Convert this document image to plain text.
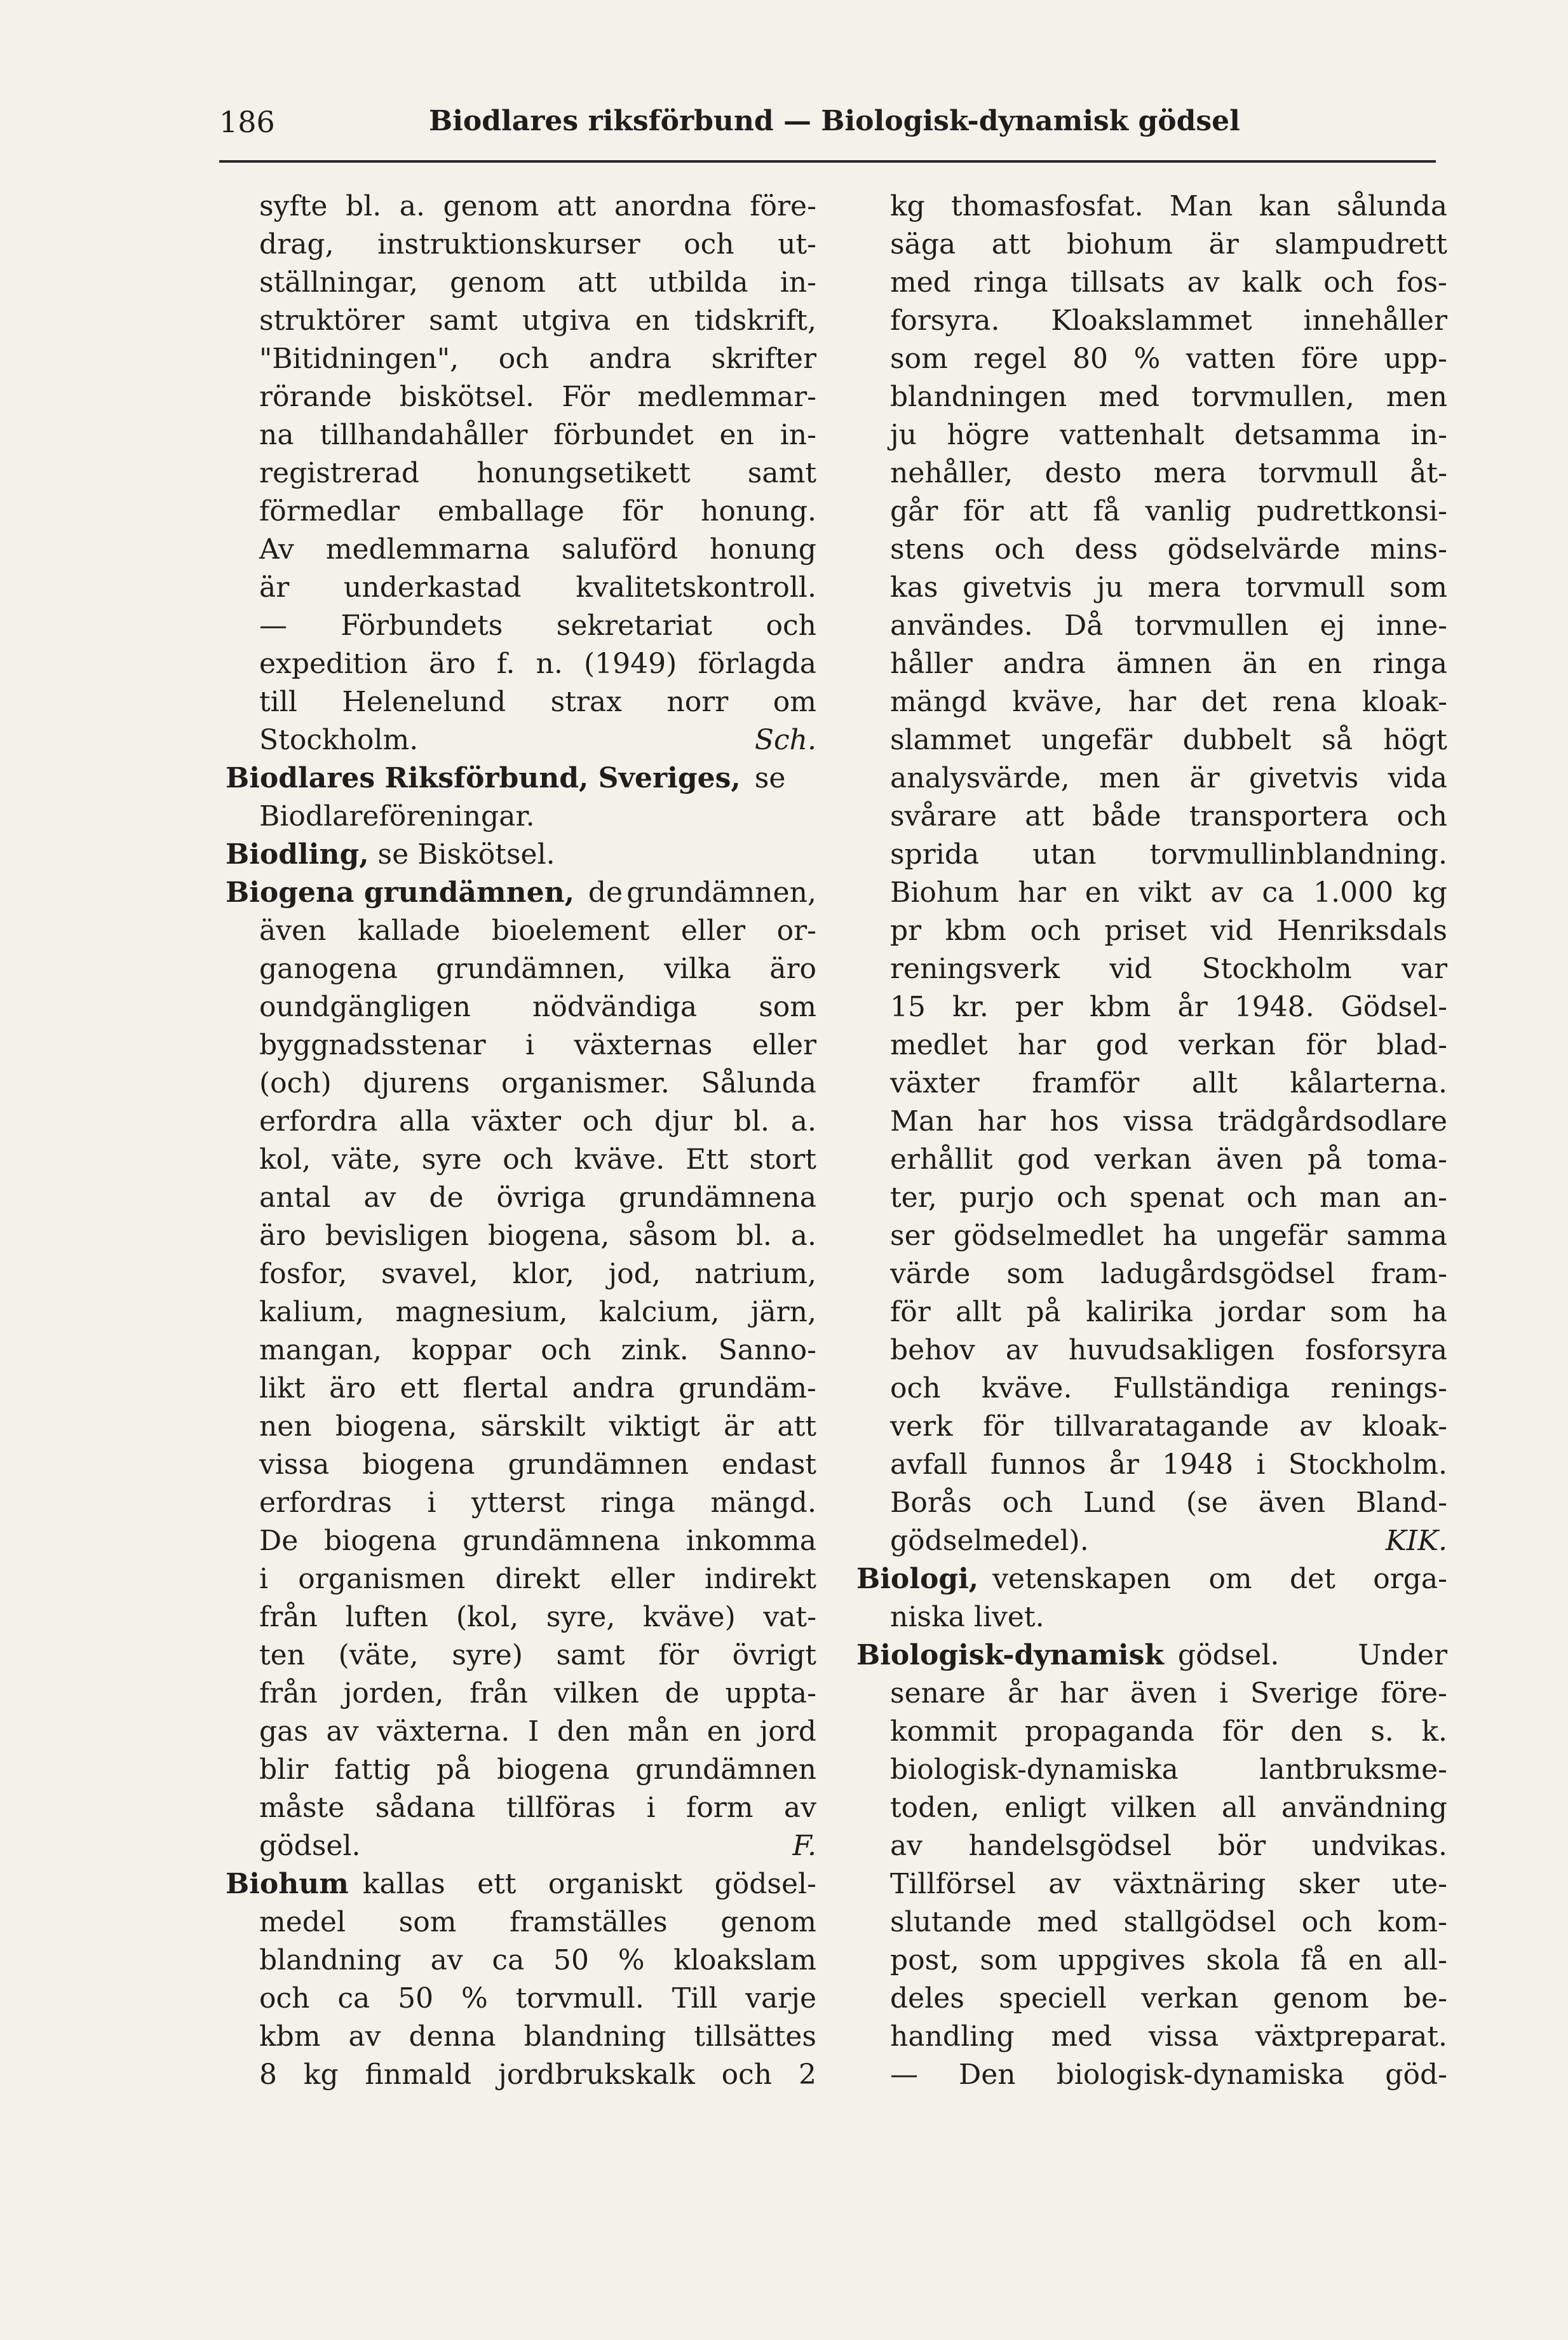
186	Biodlares riksförbund — Biologisk-dynamisk gödsel
syfte bl. a. genom att anordna före-
drag, instruktionskurser och ut-
ställningar, genom att utbilda in-
struktörer samt utgiva en tidskrift,
"Bitidningen", och andra skrifter
rörande biskötsel. För medlemmar-
na tillhandahåller förbundet en in-
registrerad honungsetikett samt
förmedlar emballage för honung.
Av medlemmarna saluförd honung
är underkastad kvalitetskontroll.
— Förbundets sekretariat och
expedition äro f. n. (1949) förlagda
till Helenelund strax norr om
Stockholm.	Sch.
Biodlares Riksförbund, Sveriges, se
Biodlareföreningar.
Biodling, se Biskötsel.
Biogena grundämnen, de grundämnen,
även kallade bioelement eller or-
ganogena grundämnen, vilka äro
oundgängligen nödvändiga som
byggnadsstenar i växternas eller
(och) djurens organismer. Sålunda
erfordra alla växter och djur bl. a.
kol, väte, syre och kväve. Ett stort
antal av de övriga grundämnena
äro bevisligen biogena, såsom bl. a.
fosfor, svavel, klor, jod, natrium,
kalium, magnesium, kalcium, järn,
mangan, koppar och zink. Sanno-
likt äro ett flertal andra grundäm-
nen biogena, särskilt viktigt är att
vissa biogena grundämnen endast
erfordras i ytterst ringa mängd.
De biogena grundämnena inkomma
i organismen direkt eller indirekt
från luften (kol, syre, kväve) vat-
ten (väte, syre) samt för övrigt
från jorden, från vilken de uppta-
gas av växterna. I den mån en jord
blir fattig på biogena grundämnen
måste sådana tillföras i form av
gödsel.	F.
Biohum kallas ett organiskt gödsel-
medel som framställes genom
blandning av ca 50 % kloakslam
och ca 50 % torvmull. Till varje
kbm av denna blandning tillsättes
8 kg finmald jordbrukskalk och 2
kg thomasfosfat. Man kan sålunda
säga att biohum är slampudrett
med ringa tillsats av kalk och fos-
forsyra. Kloakslammet innehåller
som regel 80 % vatten före upp-
blandningen med torvmullen, men
ju högre vattenhalt detsamma in-
nehåller, desto mera torvmull åt-
går för att få vanlig pudrettkonsi-
stens och dess gödselvärde mins-
kas givetvis ju mera torvmull som
användes. Då torvmullen ej inne-
håller andra ämnen än en ringa
mängd kväve, har det rena kloak-
slammet ungefär dubbelt så högt
analysvärde, men är givetvis vida
svårare att både transportera och
sprida utan torvmullinblandning.
Biohum har en vikt av ca 1.000 kg
pr kbm och priset vid Henriksdals
reningsverk vid Stockholm var
15 kr. per kbm år 1948. Gödsel-
medlet har god verkan för blad-
växter framför allt kålarterna.
Man har hos vissa trädgårdsodlare
erhållit god verkan även på toma-
ter, purjo och spenat och man an-
ser gödselmedlet ha ungefär samma
värde som ladugårdsgödsel fram-
för allt på kalirika jordar som ha
behov av huvudsakligen fosforsyra
och kväve. Fullständiga renings-
verk för tillvaratagande av kloak-
avfall funnos år 1948 i Stockholm.
Borås och Lund (se även Bland-
gödselmedel).	KIK.
Biologi, vetenskapen om det orga-
niska livet.
Biologisk-dynamisk gödsel.	Under
senare år har även i Sverige före-
kommit propaganda för den s. k.
biologisk-dynamiska	lantbruksme-
toden, enligt vilken all användning
av handelsgödsel bör undvikas.
Tillförsel av växtnäring sker ute-
slutande med stallgödsel och kom-
post, som uppgives skola få en all-
deles speciell verkan genom be-
handling med vissa växtpreparat.
— Den biologisk-dynamiska göd-
